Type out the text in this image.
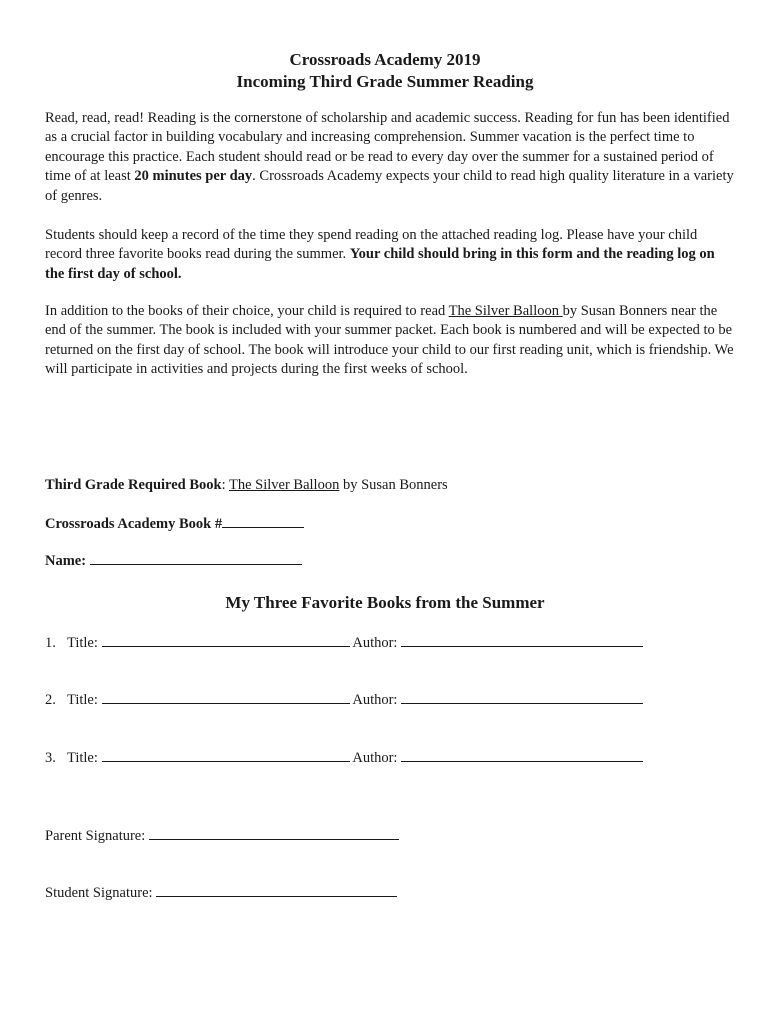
Crossroads Academy 2019
Incoming Third Grade Summer Reading
Read, read, read! Reading is the cornerstone of scholarship and academic success. Reading for fun has been identified as a crucial factor in building vocabulary and increasing comprehension. Summer vacation is the perfect time to encourage this practice. Each student should read or be read to every day over the summer for a sustained period of time of at least 20 minutes per day. Crossroads Academy expects your child to read high quality literature in a variety of genres.
Students should keep a record of the time they spend reading on the attached reading log. Please have your child record three favorite books read during the summer. Your child should bring in this form and the reading log on the first day of school.
In addition to the books of their choice, your child is required to read The Silver Balloon by Susan Bonners near the end of the summer. The book is included with your summer packet. Each book is numbered and will be expected to be returned on the first day of school. The book will introduce your child to our first reading unit, which is friendship. We will participate in activities and projects during the first weeks of school.
Third Grade Required Book: The Silver Balloon by Susan Bonners
Crossroads Academy Book #
Name:
My Three Favorite Books from the Summer
1. Title:	Author:
2. Title:	Author:
3. Title:	Author:
Parent Signature:
Student Signature:
